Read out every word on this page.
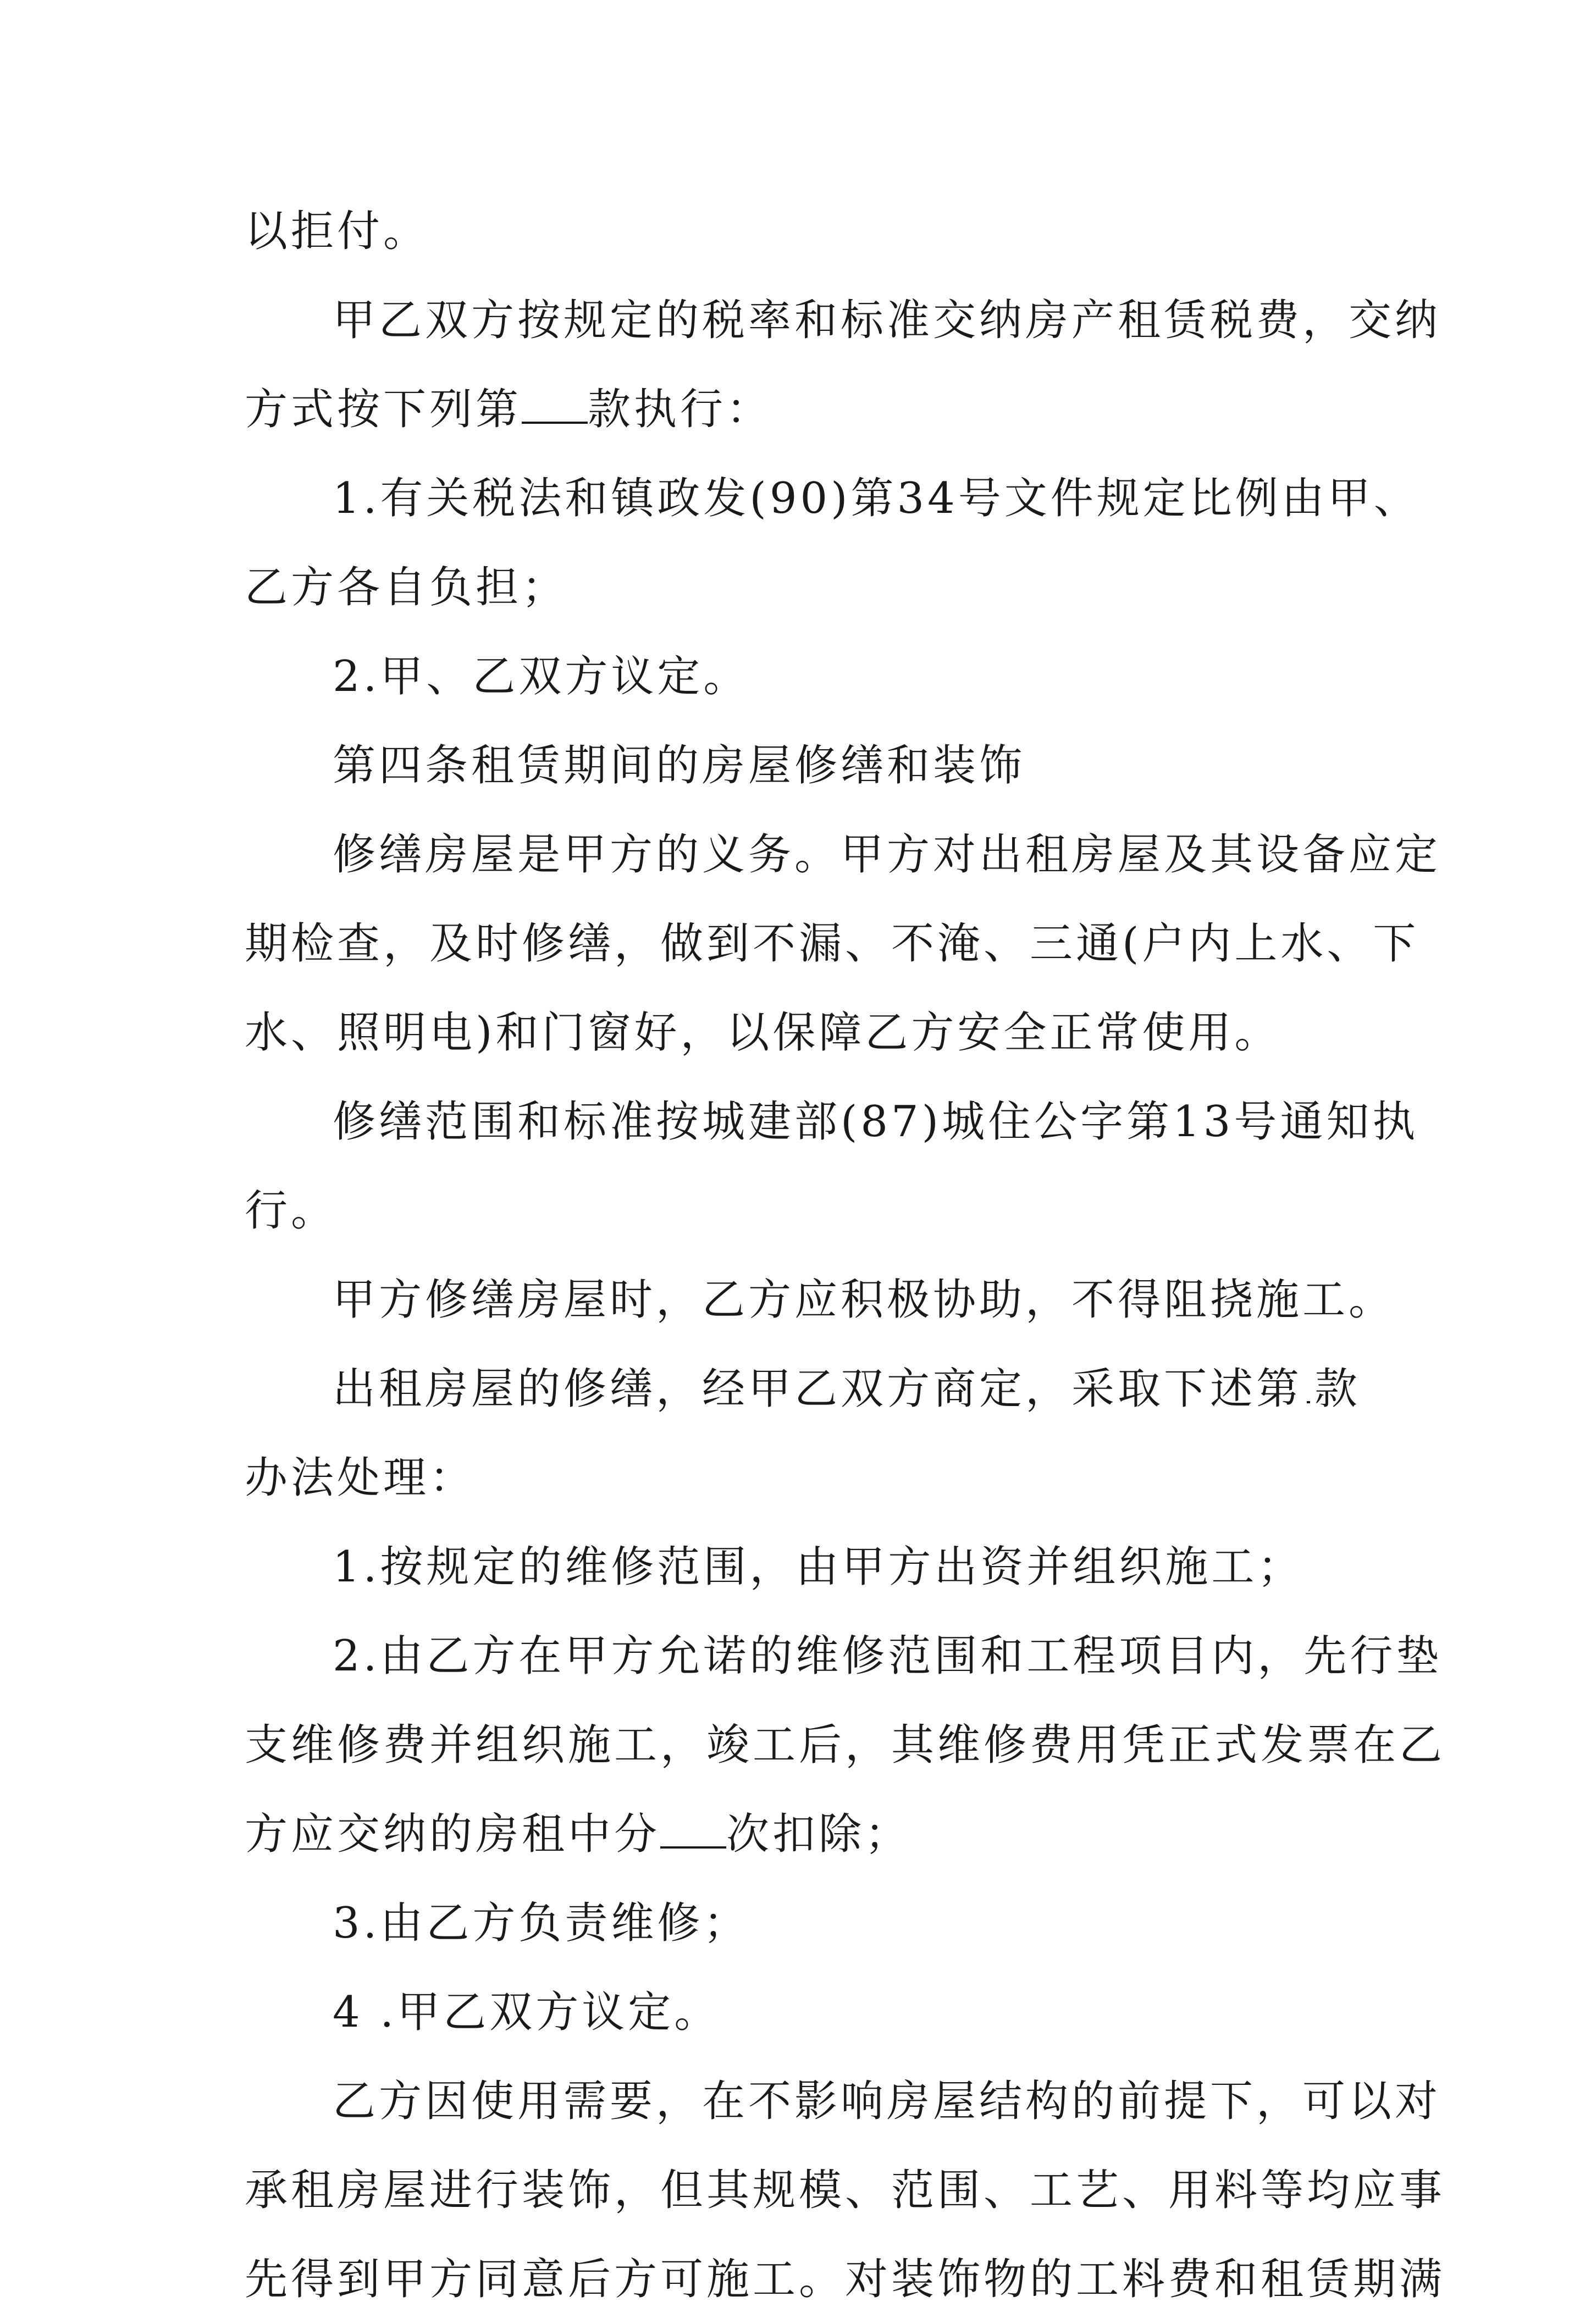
以拒付。
甲乙双方按规定的税率和标准交纳房产租赁税费，交纳
方式按下列第 款执行：
1.有关税法和镇政发(90)第34号文件规定比例由甲、
乙方各自负担；
2.甲、乙双方议定。
第四条租赁期间的房屋修缮和装饰
修缮房屋是甲方的义务。甲方对出租房屋及其设备应定
期检查，及时修缮，做到不漏、不淹、三通(户内上水、下
水、照明电)和门窗好，以保障乙方安全正常使用。
修缮范围和标准按城建部(87)城住公字第13号通知执
行。
甲方修缮房屋时，乙方应积极协助，不得阻挠施工。
出租房屋的修缮，经甲乙双方商定，采取下述第 款
办法处理：
1.按规定的维修范围，由甲方出资并组织施工；
2.由乙方在甲方允诺的维修范围和工程项目内，先行垫
支维修费并组织施工，竣工后，其维修费用凭正式发票在乙
方应交纳的房租中分 次扣除；
3.由乙方负责维修；
4 .甲乙双方议定。
乙方因使用需要，在不影响房屋结构的前提下，可以对
承租房屋进行装饰，但其规模、范围、工艺、用料等均应事
先得到甲方同意后方可施工。对装饰物的工料费和租赁期满
